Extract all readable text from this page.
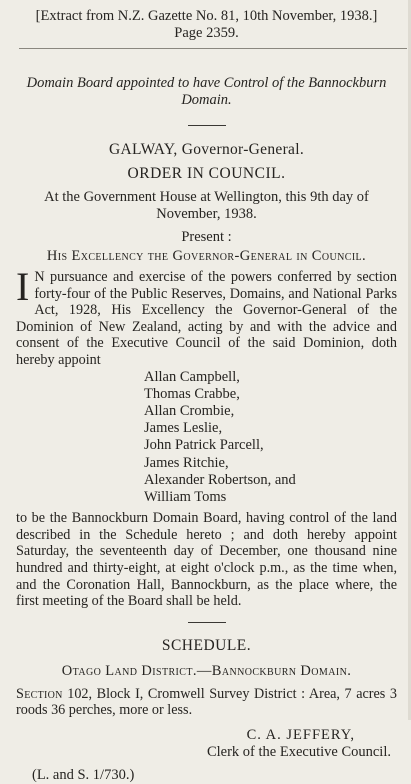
[Extract from N.Z. Gazette No. 81, 10th November, 1938.]
Page 2359.
Domain Board appointed to have Control of the Bannockburn Domain.
GALWAY, Governor-General.
ORDER IN COUNCIL.
At the Government House at Wellington, this 9th day of November, 1938.
Present :
His Excellency the Governor-General in Council.
I N pursuance and exercise of the powers conferred by section forty-four of the Public Reserves, Domains, and National Parks Act, 1928, His Excellency the Governor-General of the Dominion of New Zealand, acting by and with the advice and consent of the Executive Council of the said Dominion, doth hereby appoint
Allan Campbell,
Thomas Crabbe,
Allan Crombie,
James Leslie,
John Patrick Parcell,
James Ritchie,
Alexander Robertson, and
William Toms
to be the Bannockburn Domain Board, having control of the land described in the Schedule hereto ; and doth hereby appoint Saturday, the seventeenth day of December, one thousand nine hundred and thirty-eight, at eight o'clock p.m., as the time when, and the Coronation Hall, Bannockburn, as the place where, the first meeting of the Board shall be held.
SCHEDULE.
Otago Land District.—Bannockburn Domain.
Section 102, Block I, Cromwell Survey District : Area, 7 acres 3 roods 36 perches, more or less.
C. A. JEFFERY,
Clerk of the Executive Council.
(L. and S. 1/730.)
